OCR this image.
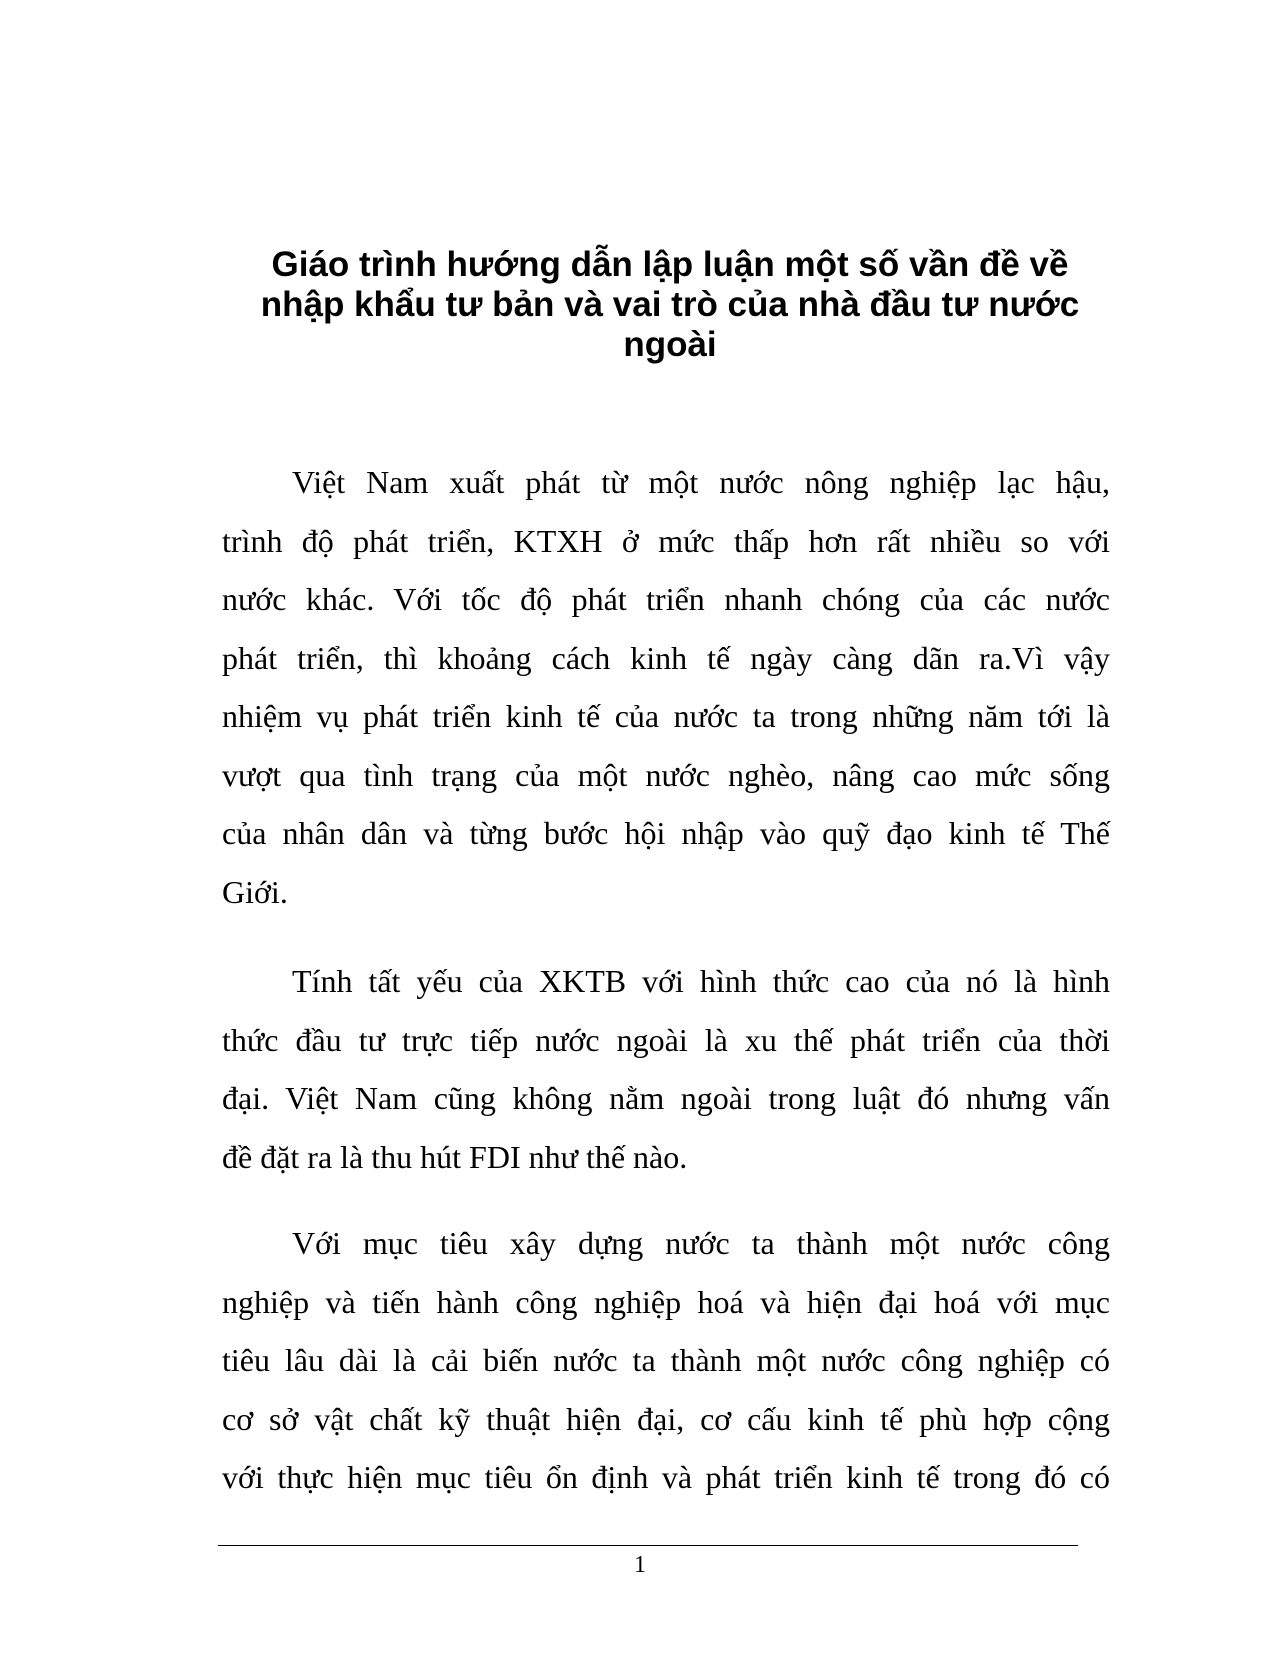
Giáo trình hướng dẫn lập luận một số vần đề về
nhập khẩu tư bản và vai trò của nhà đầu tư nước
ngoài
Việt Nam xuất phát từ một nước nông nghiệp lạc hậu,
trình độ phát triển, KTXH ở mức thấp hơn rất nhiều so với
nước khác. Với tốc độ phát triển nhanh chóng của các nước
phát triển, thì khoảng cách kinh tế ngày càng dãn ra.Vì vậy
nhiệm vụ phát triển kinh tế của nước ta trong những năm tới là
vượt qua tình trạng của một nước nghèo, nâng cao mức sống
của nhân dân và từng bước hội nhập vào quỹ đạo kinh tế Thế
Giới.
Tính tất yếu của XKTB với hình thức cao của nó là hình
thức đầu tư trực tiếp nước ngoài là xu thế phát triển của thời
đại. Việt Nam cũng không nằm ngoài trong luật đó nhưng vấn
đề đặt ra là thu hút FDI như thế nào.
Với mục tiêu xây dựng nước ta thành một nước công
nghiệp và tiến hành công nghiệp hoá và hiện đại hoá với mục
tiêu lâu dài là cải biến nước ta thành một nước công nghiệp có
cơ sở vật chất kỹ thuật hiện đại, cơ cấu kinh tế phù hợp cộng
với thực hiện mục tiêu ổn định và phát triển kinh tế trong đó có
1
